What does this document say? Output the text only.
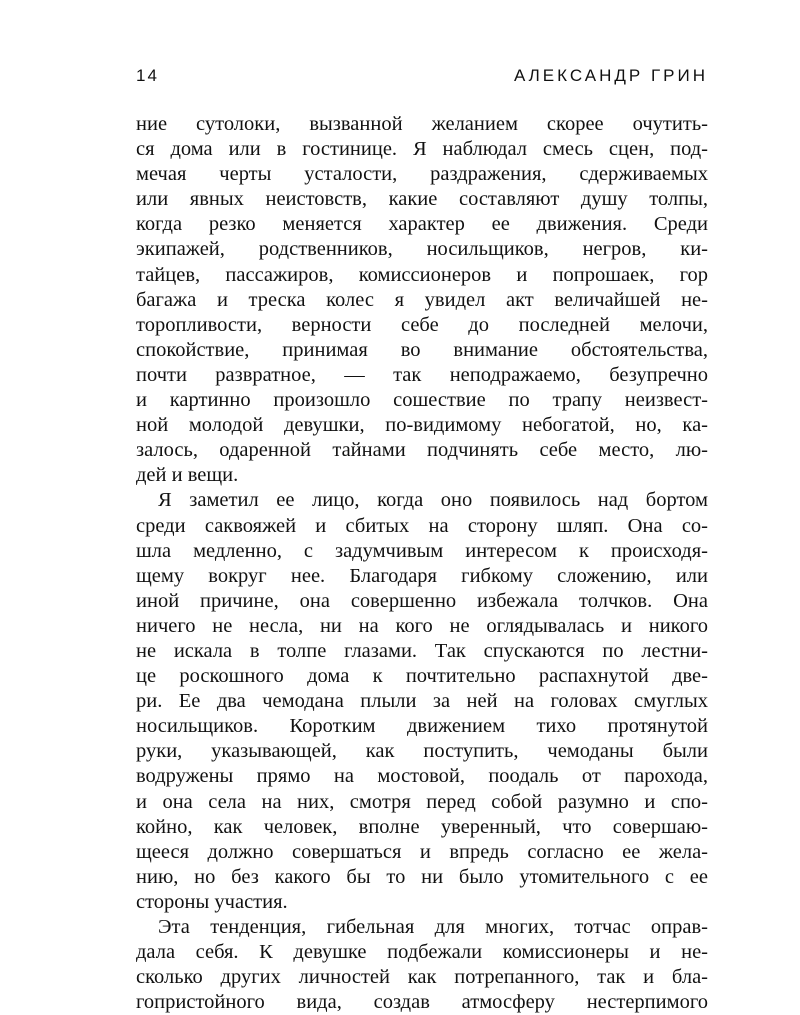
14	АЛЕКСАНДР ГРИН
ние сутолоки, вызванной желанием скорее очутить-
ся дома или в гостинице. Я наблюдал смесь сцен, под-
мечая черты усталости, раздражения, сдерживаемых
или явных неистовств, какие составляют душу толпы,
когда резко меняется характер ее движения. Среди
экипажей, родственников, носильщиков, негров, ки-
тайцев, пассажиров, комиссионеров и попрошаек, гор
багажа и треска колес я увидел акт величайшей не-
торопливости, верности себе до последней мелочи,
спокойствие, принимая во внимание обстоятельства,
почти развратное, — так неподражаемо, безупречно
и картинно произошло сошествие по трапу неизвест-
ной молодой девушки, по-видимому небогатой, но, ка-
залось, одаренной тайнами подчинять себе место, лю-
дей и вещи.
Я заметил ее лицо, когда оно появилось над бортом
среди саквояжей и сбитых на сторону шляп. Она со-
шла медленно, с задумчивым интересом к происходя-
щему вокруг нее. Благодаря гибкому сложению, или
иной причине, она совершенно избежала толчков. Она
ничего не несла, ни на кого не оглядывалась и никого
не искала в толпе глазами. Так спускаются по лестни-
це роскошного дома к почтительно распахнутой две-
ри. Ее два чемодана плыли за ней на головах смуглых
носильщиков. Коротким движением тихо протянутой
руки, указывающей, как поступить, чемоданы были
водружены прямо на мостовой, поодаль от парохода,
и она села на них, смотря перед собой разумно и спо-
койно, как человек, вполне уверенный, что совершаю-
щееся должно совершаться и впредь согласно ее жела-
нию, но без какого бы то ни было утомительного с ее
стороны участия.
Эта тенденция, гибельная для многих, тотчас оправ-
дала себя. К девушке подбежали комиссионеры и не-
сколько других личностей как потрепанного, так и бла-
гопристойного вида, создав атмосферу нестерпимого
